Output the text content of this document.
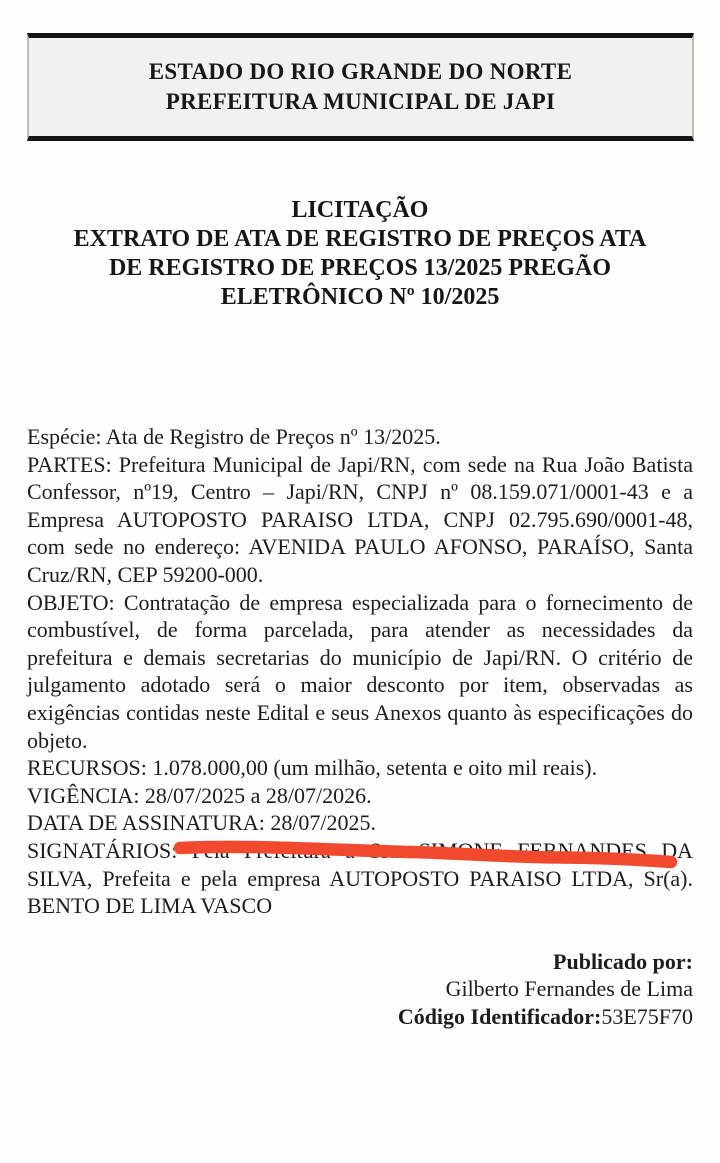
ESTADO DO RIO GRANDE DO NORTE
PREFEITURA MUNICIPAL DE JAPI
LICITAÇÃO
EXTRATO DE ATA DE REGISTRO DE PREÇOS ATA
DE REGISTRO DE PREÇOS 13/2025 PREGÃO
ELETRÔNICO Nº 10/2025

Espécie: Ata de Registro de Preços nº 13/2025.

PARTES: Prefeitura Municipal de Japi/RN, com sede na Rua João Batista Confessor, nº19, Centro – Japi/RN, CNPJ nº 08.159.071/0001-43 e a Empresa AUTOPOSTO PARAISO LTDA, CNPJ 02.795.690/0001-48, com sede no endereço: AVENIDA PAULO AFONSO, PARAÍSO, Santa Cruz/RN, CEP 59200-000.

OBJETO: Contratação de empresa especializada para o fornecimento de combustível, de forma parcelada, para atender as necessidades da prefeitura e demais secretarias do município de Japi/RN. O critério de julgamento adotado será o maior desconto por item, observadas as exigências contidas neste Edital e seus Anexos quanto às especificações do objeto.

RECURSOS: 1.078.000,00 (um milhão, setenta e oito mil reais).

VIGÊNCIA: 28/07/2025 a 28/07/2026.

DATA DE ASSINATURA: 28/07/2025.

SIGNATÁRIOS: Pela Prefeitura a Sra. SIMONE FERNANDES DA SILVA, Prefeita e pela empresa AUTOPOSTO PARAISO LTDA, Sr(a). BENTO DE LIMA VASCO

Publicado por:
Gilberto Fernandes de Lima
Código Identificador:53E75F70
